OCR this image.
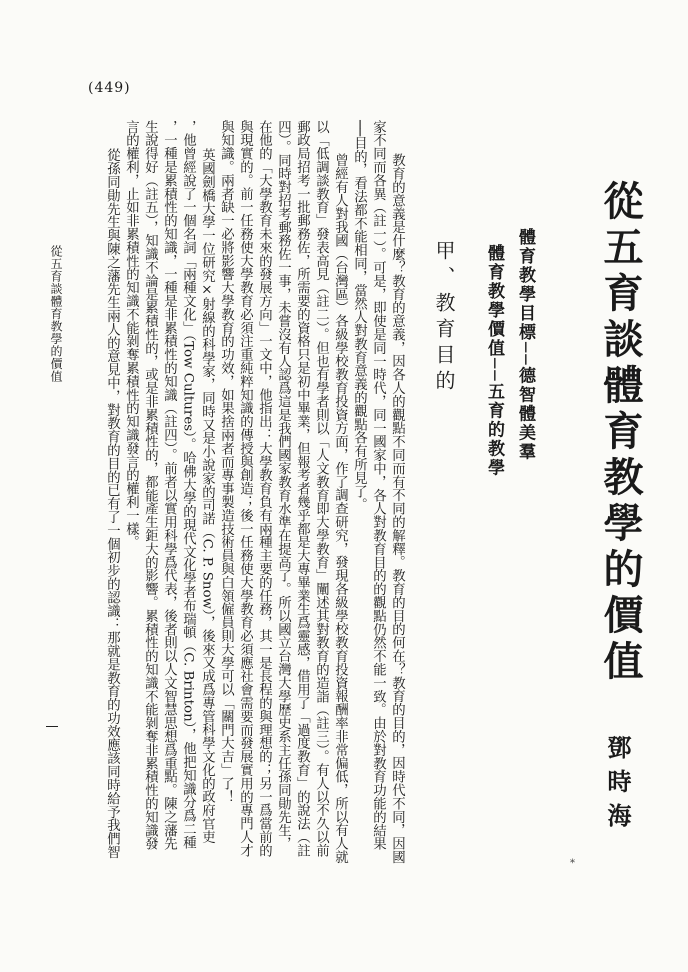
(449)
從五育談體育教學的價值
鄧時海
體育教學目標──德智體美羣
體育教學價值──五育的教學
甲、教育目的
　教育的意義是什麼？教育的意義，因各人的觀點不同而有不同的解釋。教育的目的何在？教育的目的，因時代不同，因國
家不同而各異（註一）。可是，即使是同一時代，同一國家中，各人對教育目的的觀點仍然不能一致。由於對教育功能的結果
──目的，看法都不能相同，當然人對教育意義的觀點各有所見了。
　曾經有人對我國（台灣區）各級學校教育投資方面，作了調查研究，發現各級學校教育投資報酬率非常偏低，所以有人就
以「低調談教育」發表高見（註二）。但也有學者則以「人文教育即大學教育」闡述其對教育的造詣（註三）。有人以不久以前
郵政局招考一批郵務佐，所需要的資格只是初中畢業，但報考者幾乎都是大專畢業生爲靈感，借用了「過度教育」的說法（註
四）。同時對招考郵務佐一事，未嘗沒有人認爲這是我們國家教育水準在提高了。所以國立台灣大學歷史系主任孫同勛先生，
在他的「大學教育未來的發展方向」一文中，他指出：大學教育負有兩種主要的任務，其一是長程的與理想的；另一爲當前的
與現實的。前一任務使大學教育必須注重純粹知識的傳授與創造；後一任務使大學教育必須應社會需要而發展實用的專門人才
與知識。兩者缺一必將影響大學教育的功效，如果捨兩者而專事製造技術員與白領僱員則大學可以「關門大吉」了！
　英國劍橋大學一位研究×射線的科學家，同時又是小說家的司諾（C. P. Snow），後來又成爲專管科學文化的政府官吏
，他曾經說了一個名詞「兩種文化」（Tow Cultures）。哈佛大學的現代文化學者布瑞頓（C. Brinton），他把知識分爲二種
，一種是累積性的知識，一種是非累積性的知識（註四）。前者以實用科學爲代表，後者則以人文智慧思想爲重點。陳之藩先
生說得好（註五），知識不論是累積性的，或是非累積性的，都能產生鉅大的影響。累積性的知識不能剝奪非累積性的知識發
言的權利，止如非累積性的知識不能剝奪累積性的知識發言的權利一樣。
　從孫同勛先生與陳之藩先生兩人的意見中，對教育的目的已有了一個初步的認識：那就是教育的功效應該同時給予我們智
從五育談體育教學的價值
*
